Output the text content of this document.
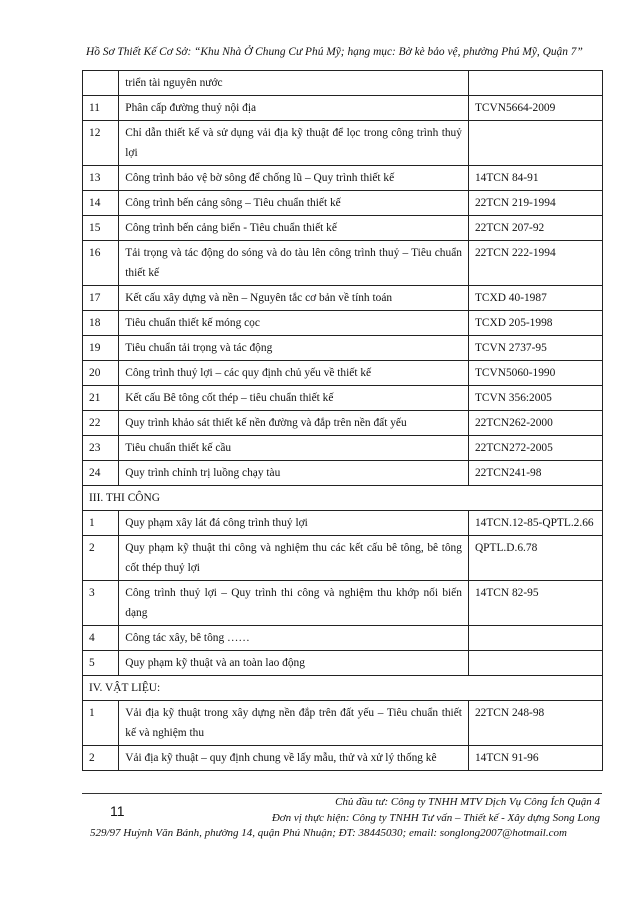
Hồ Sơ Thiết Kế Cơ Sở: “Khu Nhà Ở Chung Cư Phú Mỹ; hạng mục: Bờ kè bảo vệ, phường Phú Mỹ, Quận 7”
	triển tài nguyên nước	
11	Phân cấp đường thuỷ nội địa	TCVN5664-2009
12	Chỉ dẫn thiết kế và sử dụng vải địa kỹ thuật để lọc trong công trình thuỷ lợi	
13	Công trình bảo vệ bờ sông để chống lũ – Quy trình thiết kế	14TCN 84-91
14	Công trình bến cảng sông – Tiêu chuẩn thiết kế	22TCN 219-1994
15	Công trình bến cảng biển - Tiêu chuẩn thiết kế	22TCN 207-92
16	Tải trọng và tác động do sóng và do tàu lên công trình thuỷ – Tiêu chuẩn thiết kế	22TCN 222-1994
17	Kết cấu xây dựng và nền – Nguyên tắc cơ bản về tính toán	TCXD 40-1987
18	Tiêu chuẩn thiết kế móng cọc	TCXD 205-1998
19	Tiêu chuẩn tải trọng và tác động	TCVN 2737-95
20	Công trình thuỷ lợi – các quy định chủ yếu về thiết kế	TCVN5060-1990
21	Kết cấu Bê tông cốt thép – tiêu chuẩn thiết kế	TCVN 356:2005
22	Quy trình khảo sát thiết kế nền đường và đắp trên nền đất yếu	22TCN262-2000
23	Tiêu chuẩn thiết kế cầu	22TCN272-2005
24	Quy trình chỉnh trị luồng chạy tàu	22TCN241-98
III. THI CÔNG		
1	Quy phạm xây lát đá công trình thuỷ lợi	14TCN.12-85-QPTL.2.66
2	Quy phạm kỹ thuật thi công và nghiệm thu các kết cấu bê tông, bê tông cốt thép thuỷ lợi	QPTL.D.6.78
3	Công trình thuỷ lợi – Quy trình thi công và nghiệm thu khớp nối biến dạng	14TCN 82-95
4	Công tác xây, bê tông ……	
5	Quy phạm kỹ thuật và an toàn lao động	
IV. VẬT LIỆU:		
1	Vải địa kỹ thuật trong xây dựng nền đắp trên đất yếu – Tiêu chuẩn thiết kế và nghiệm thu	22TCN 248-98
2	Vải địa kỹ thuật – quy định chung về lấy mẫu, thử và xử lý thống kê	14TCN 91-96
11
Chủ đầu tư: Công ty TNHH MTV Dịch Vụ Công Ích Quận 4
Đơn vị thực hiện: Công ty TNHH Tư vấn – Thiết kế - Xây dựng Song Long
529/97 Huỳnh Văn Bánh, phường 14, quận Phú Nhuận; ĐT: 38445030; email: songlong2007@hotmail.com
